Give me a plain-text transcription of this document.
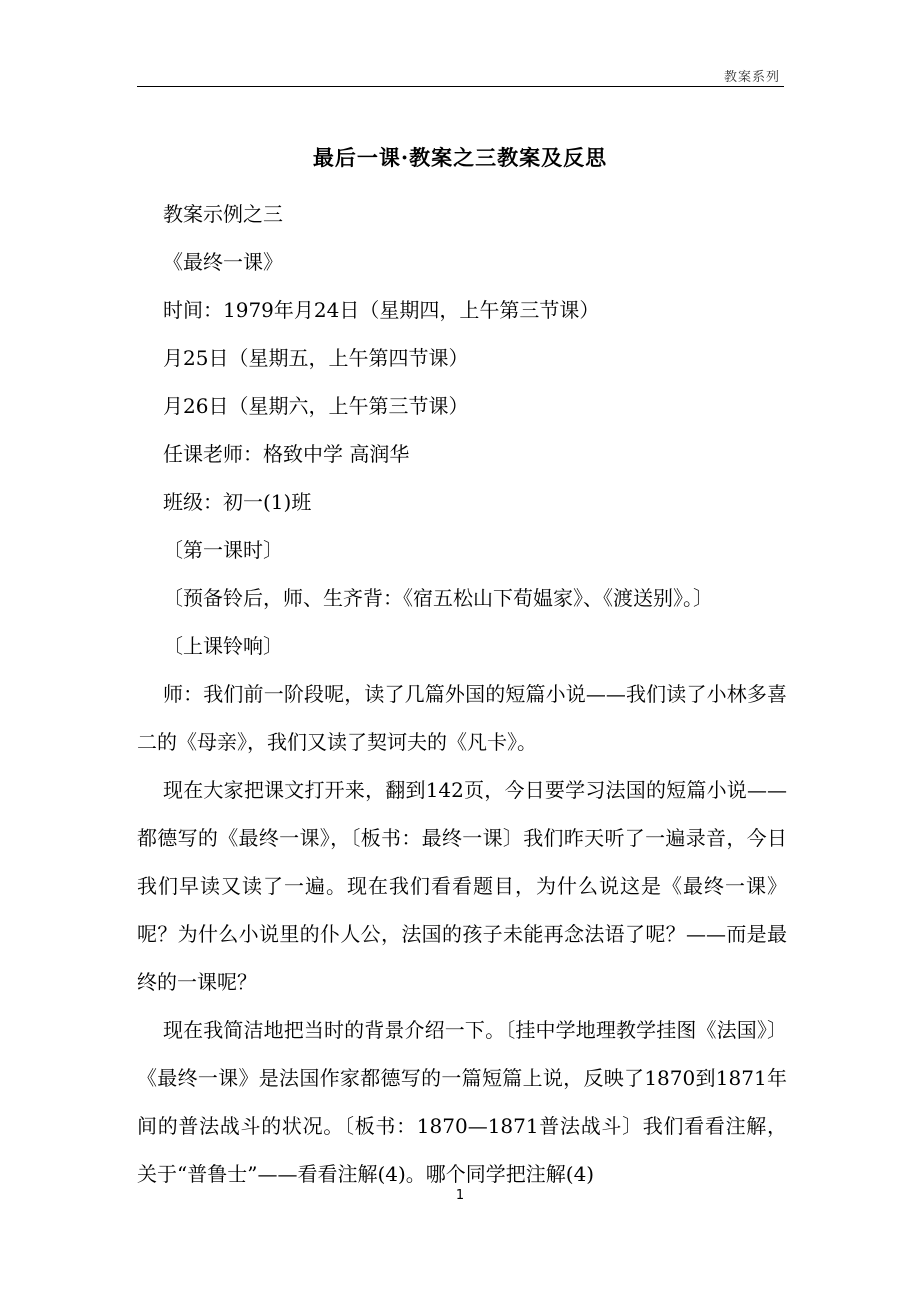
教案系列
最后一课·教案之三教案及反思

教案示例之三

《最终一课》

时间：1979年月24日（星期四，上午第三节课）

月25日（星期五，上午第四节课）

月26日（星期六，上午第三节课）

任课老师：格致中学 高润华

班级：初一(1)班

〔第一课时〕

〔预备铃后，师、生齐背：《宿五松山下荀媪家》、《渡送别》。〕

〔上课铃响〕

师：我们前一阶段呢，读了几篇外国的短篇小说——我们读了小林多喜二的《母亲》，我们又读了契诃夫的《凡卡》。

现在大家把课文打开来，翻到142页，今日要学习法国的短篇小说——都德写的《最终一课》，〔板书：最终一课〕我们昨天听了一遍录音，今日我们早读又读了一遍。现在我们看看题目，为什么说这是《最终一课》呢？为什么小说里的仆人公，法国的孩子未能再念法语了呢？——而是最终的一课呢？

现在我简洁地把当时的背景介绍一下。〔挂中学地理教学挂图《法国》〕《最终一课》是法国作家都德写的一篇短篇上说，反映了1870到1871年间的普法战斗的状况。〔板书：1870—1871普法战斗〕我们看看注解，关于“普鲁士”——看看注解(4)。哪个同学把注解(4)

1
